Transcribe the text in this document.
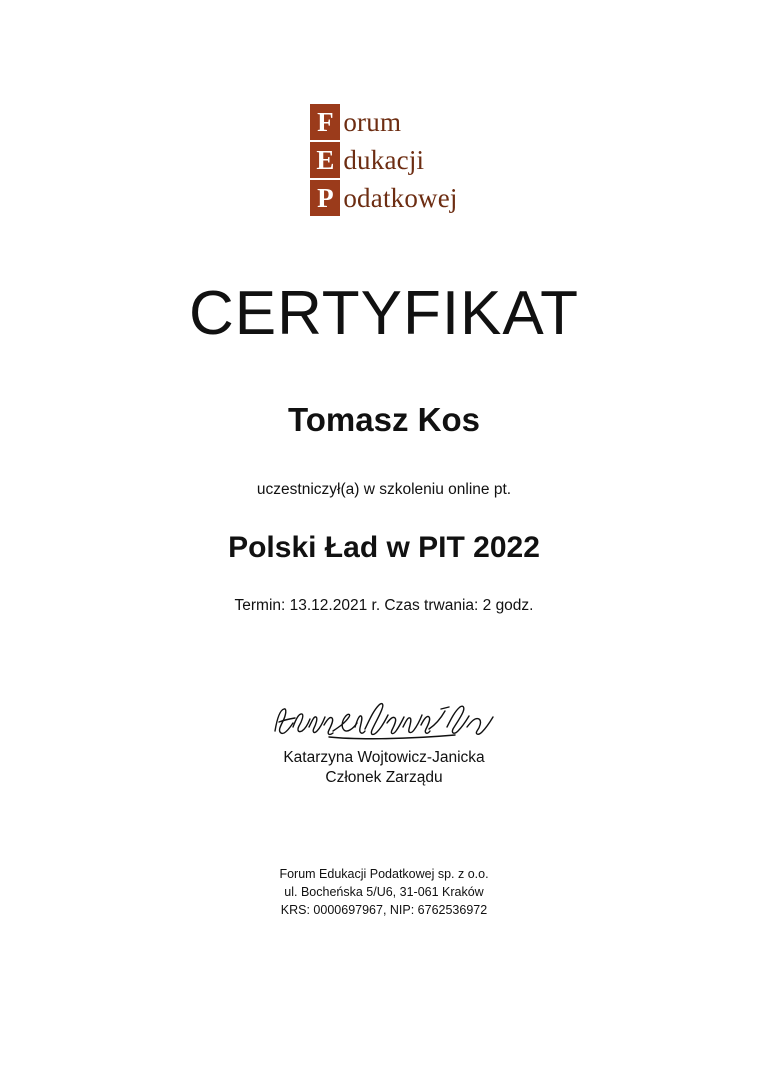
F orum
E dukacji
P odatkowej
CERTYFIKAT
Tomasz Kos
uczestniczył(a) w szkoleniu online pt.
Polski Ład w PIT 2022
Termin: 13.12.2021 r. Czas trwania: 2 godz.
Katarzyna Wojtowicz-Janicka
Członek Zarządu
Forum Edukacji Podatkowej sp. z o.o.
ul. Bocheńska 5/U6, 31-061 Kraków
KRS: 0000697967, NIP: 6762536972
